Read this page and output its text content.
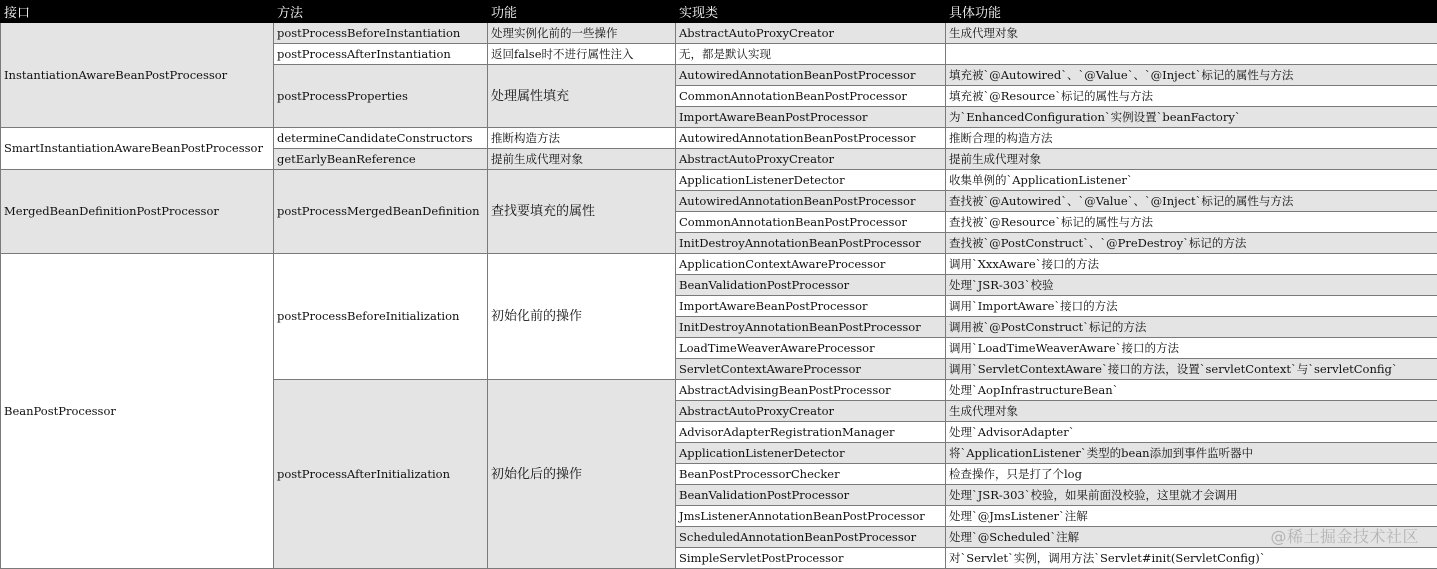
接口	方法	功能	实现类	具体功能
InstantiationAwareBeanPostProcessor	postProcessBeforeInstantiation	处理实例化前的一些操作	AbstractAutoProxyCreator	生成代理对象
	postProcessAfterInstantiation	返回false时不进行属性注入	无，都是默认实现	
	postProcessProperties	处理属性填充	AutowiredAnnotationBeanPostProcessor	填充被`@Autowired`、`@Value`、`@Inject`标记的属性与方法
			CommonAnnotationBeanPostProcessor	填充被`@Resource`标记的属性与方法
			ImportAwareBeanPostProcessor	为`EnhancedConfiguration`实例设置`beanFactory`
SmartInstantiationAwareBeanPostProcessor	determineCandidateConstructors	推断构造方法	AutowiredAnnotationBeanPostProcessor	推断合理的构造方法
	getEarlyBeanReference	提前生成代理对象	AbstractAutoProxyCreator	提前生成代理对象
MergedBeanDefinitionPostProcessor	postProcessMergedBeanDefinition	查找要填充的属性	ApplicationListenerDetector	收集单例的`ApplicationListener`
			AutowiredAnnotationBeanPostProcessor	查找被`@Autowired`、`@Value`、`@Inject`标记的属性与方法
			CommonAnnotationBeanPostProcessor	查找被`@Resource`标记的属性与方法
			InitDestroyAnnotationBeanPostProcessor	查找被`@PostConstruct`、`@PreDestroy`标记的方法
BeanPostProcessor	postProcessBeforeInitialization	初始化前的操作	ApplicationContextAwareProcessor	调用`XxxAware`接口的方法
			BeanValidationPostProcessor	处理`JSR-303`校验
			ImportAwareBeanPostProcessor	调用`ImportAware`接口的方法
			InitDestroyAnnotationBeanPostProcessor	调用被`@PostConstruct`标记的方法
			LoadTimeWeaverAwareProcessor	调用`LoadTimeWeaverAware`接口的方法
			ServletContextAwareProcessor	调用`ServletContextAware`接口的方法，设置`servletContext`与`servletConfig`
	postProcessAfterInitialization	初始化后的操作	AbstractAdvisingBeanPostProcessor	处理`AopInfrastructureBean`
			AbstractAutoProxyCreator	生成代理对象
			AdvisorAdapterRegistrationManager	处理`AdvisorAdapter`
			ApplicationListenerDetector	将`ApplicationListener`类型的bean添加到事件监听器中
			BeanPostProcessorChecker	检查操作，只是打了个log
			BeanValidationPostProcessor	处理`JSR-303`校验，如果前面没校验，这里就才会调用
			JmsListenerAnnotationBeanPostProcessor	处理`@JmsListener`注解
			ScheduledAnnotationBeanPostProcessor	处理`@Scheduled`注解
			SimpleServletPostProcessor	对`Servlet`实例，调用方法`Servlet#init(ServletConfig)`
@稀土掘金技术社区
